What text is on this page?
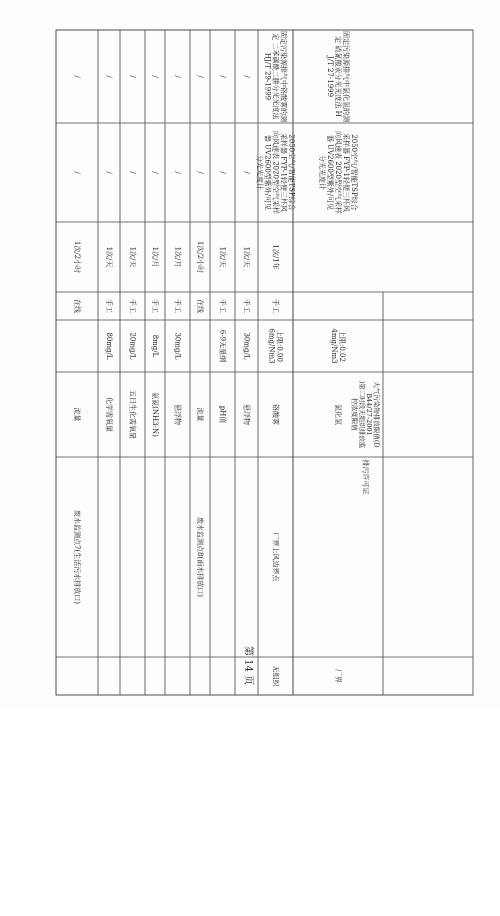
/
/
1次/2小时
在线
流量
废水监测点7(生活污水排放口)
/
/
1次/天
手工
80mg/L
化学需氧量
/
/
1次/天
手工
20mg/L
五日生化需氧量
/
/
1次/月
手工
8mg/L
氨氮(NH3-N)
/
/
1次/月
手工
30mg/L
悬浮物
/
/
1次/2小时
在线
流量
废水监测点8(雨水排放口)
/
/
1次/天
手工
6-9无量纲
pH值
/
/
1次/天
手工
30mg/L
悬浮物
固定污染源排气中铬酸雾的测
定 二苯碳酰二肼分光光度法
HJ/T 29-1999
2050空气/智能TSP综合
采样器 FYP-1轻便三杯风
向风速表 2020型空气采样
器 UV2600型紫外/可见
分光光度计
1次/1年
手工
上限:0.00
6mg/Nm3
铬酸雾
厂界上风边界点
无组织
大气污染物排放限值(D
B44/27-2001
)第二时段无组织排放监
控浓度限值
排污许可证
固定污染源排气中氯化氢的测
定 硫氰酸汞分光光度法 H
J/T 27-1999
2050空气/智能TSP综合
采样器 FYP-1轻便三杯风
向风速表 2020型空气采样
器 UV2600型紫外/可见
分光光度计
上限:0.02
4mg/Nm3
氯化氢
厂界
第 14 页
